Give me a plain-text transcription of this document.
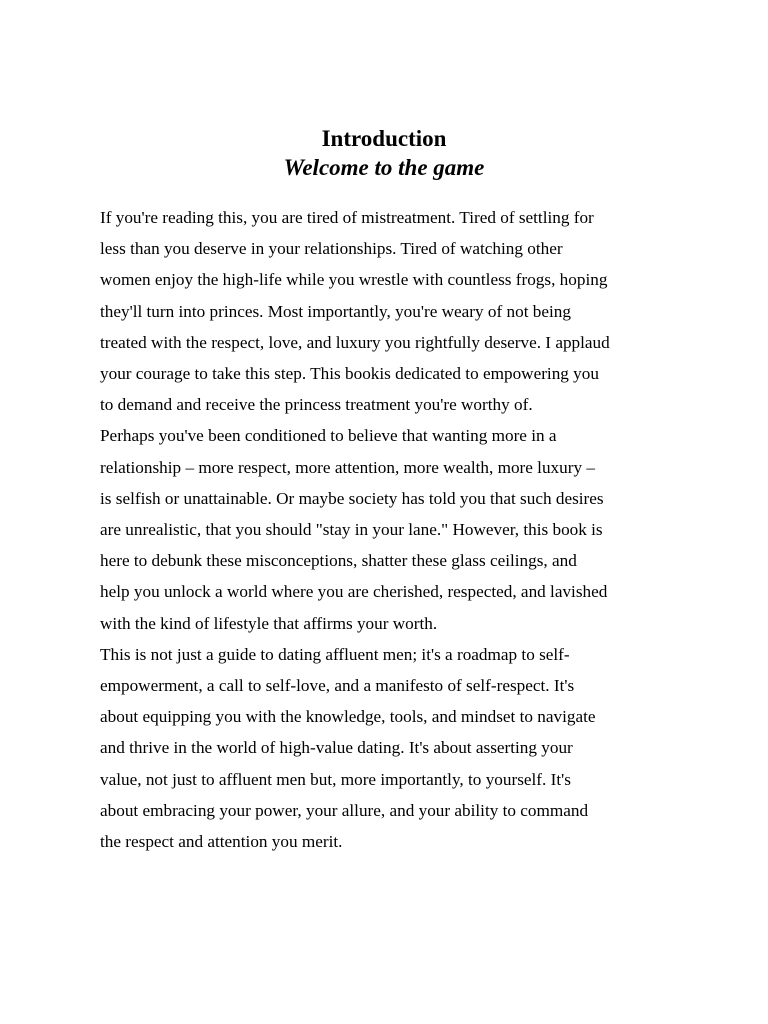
Introduction
Welcome to the game
If you're reading this, you are tired of mistreatment. Tired of settling for
less than you deserve in your relationships. Tired of watching other
women enjoy the high-life while you wrestle with countless frogs, hoping
they'll turn into princes. Most importantly, you're weary of not being
treated with the respect, love, and luxury you rightfully deserve. I applaud
your courage to take this step. This bookis dedicated to empowering you
to demand and receive the princess treatment you're worthy of.
Perhaps you've been conditioned to believe that wanting more in a
relationship – more respect, more attention, more wealth, more luxury –
is selfish or unattainable. Or maybe society has told you that such desires
are unrealistic, that you should "stay in your lane." However, this book is
here to debunk these misconceptions, shatter these glass ceilings, and
help you unlock a world where you are cherished, respected, and lavished
with the kind of lifestyle that affirms your worth.
This is not just a guide to dating affluent men; it's a roadmap to self-
empowerment, a call to self-love, and a manifesto of self-respect. It's
about equipping you with the knowledge, tools, and mindset to navigate
and thrive in the world of high-value dating. It's about asserting your
value, not just to affluent men but, more importantly, to yourself. It's
about embracing your power, your allure, and your ability to command
the respect and attention you merit.
